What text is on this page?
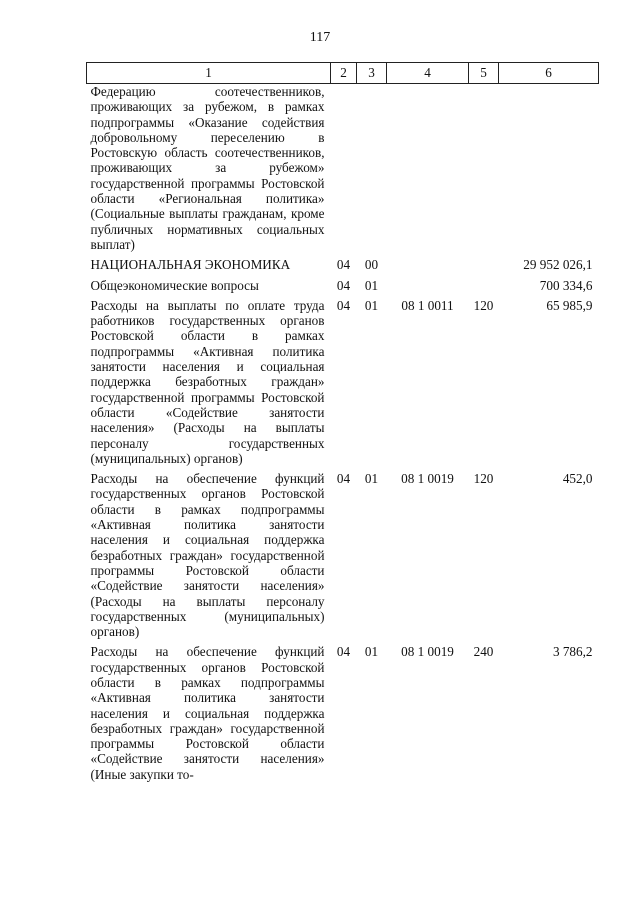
117
1	2	3	4	5	6
Федерацию соотечественников, проживающих за рубежом, в рамках подпрограммы «Оказание содействия добровольному переселению в Ростовскую область соотечественников, проживающих за рубежом» государственной программы Ростовской области «Региональная политика» (Социальные выплаты гражданам, кроме публичных нормативных социальных выплат)					
НАЦИОНАЛЬНАЯ ЭКОНОМИКА	04	00			29 952 026,1
Общеэкономические вопросы	04	01			700 334,6
Расходы на выплаты по оплате труда работников государственных органов Ростовской области в рамках подпрограммы «Активная политика занятости населения и социальная поддержка безработных граждан» государственной программы Ростовской области «Содействие занятости населения» (Расходы на выплаты персоналу государственных (муниципальных) органов)	04	01	08 1 0011	120	65 985,9
Расходы на обеспечение функций государственных органов Ростовской области в рамках подпрограммы «Активная политика занятости населения и социальная поддержка безработных граждан» государственной программы Ростовской области «Содействие занятости населения» (Расходы на выплаты персоналу государственных (муниципальных) органов)	04	01	08 1 0019	120	452,0
Расходы на обеспечение функций государственных органов Ростовской области в рамках подпрограммы «Активная политика занятости населения и социальная поддержка безработных граждан» государственной программы Ростовской области «Содействие занятости населения» (Иные закупки то-	04	01	08 1 0019	240	3 786,2
